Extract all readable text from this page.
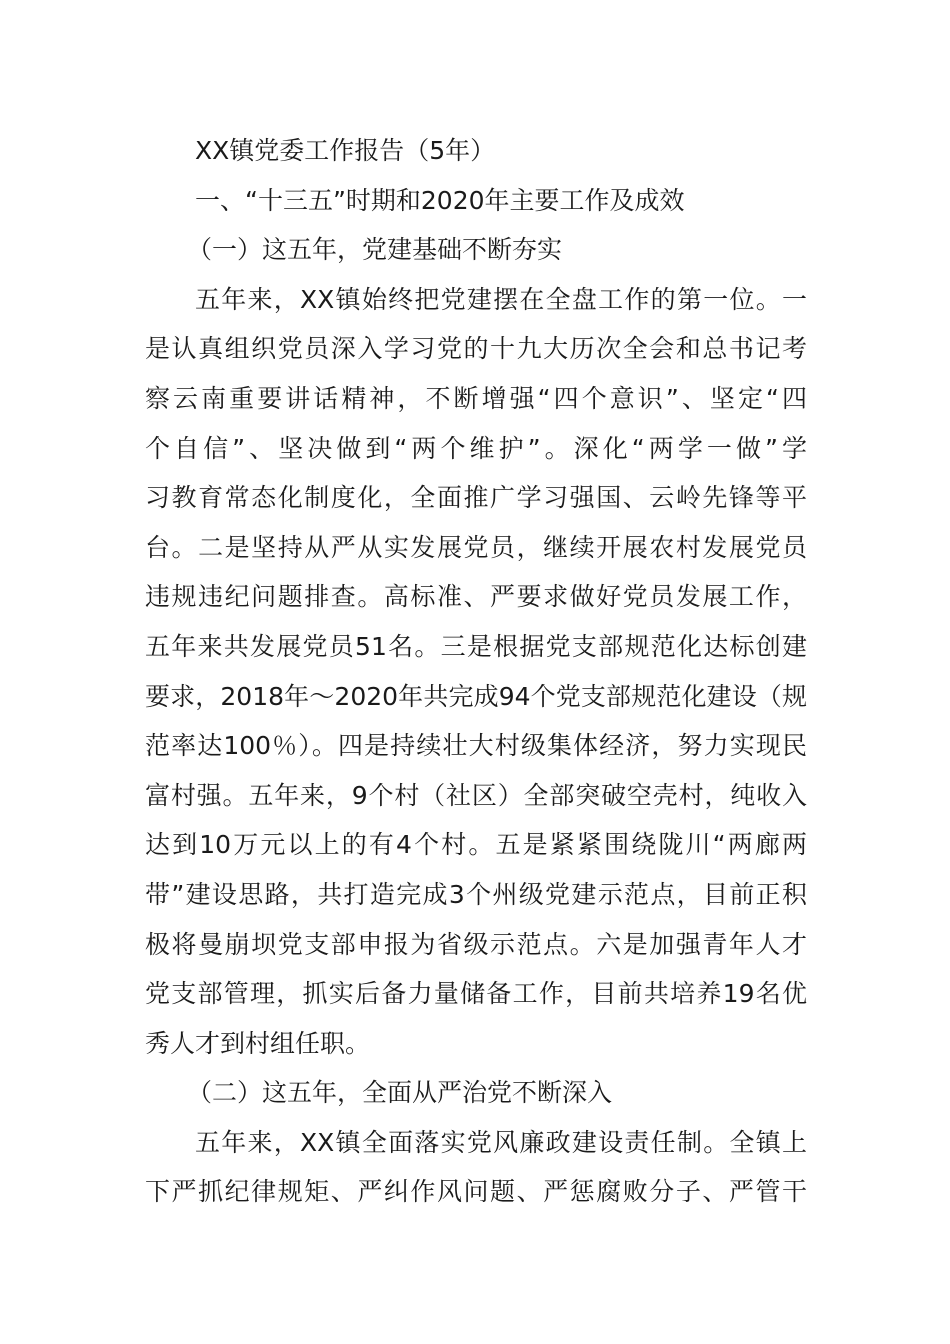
XX镇党委工作报告（5年）
一、“十三五”时期和2020年主要工作及成效
（一）这五年，党建基础不断夯实
五年来，XX镇始终把党建摆在全盘工作的第一位。一
是认真组织党员深入学习党的十九大历次全会和总书记考
察云南重要讲话精神，不断增强“四个意识”、坚定“四
个自信”、坚决做到“两个维护”。深化“两学一做”学
习教育常态化制度化，全面推广学习强国、云岭先锋等平
台。二是坚持从严从实发展党员，继续开展农村发展党员
违规违纪问题排查。高标准、严要求做好党员发展工作，
五年来共发展党员51名。三是根据党支部规范化达标创建
要求，2018年～2020年共完成94个党支部规范化建设（规
范率达100％）。四是持续壮大村级集体经济，努力实现民
富村强。五年来，9个村（社区）全部突破空壳村，纯收入
达到10万元以上的有4个村。五是紧紧围绕陇川“两廊两
带”建设思路，共打造完成3个州级党建示范点，目前正积
极将曼崩坝党支部申报为省级示范点。六是加强青年人才
党支部管理，抓实后备力量储备工作，目前共培养19名优
秀人才到村组任职。
（二）这五年，全面从严治党不断深入
五年来，XX镇全面落实党风廉政建设责任制。全镇上
下严抓纪律规矩、严纠作风问题、严惩腐败分子、严管干
